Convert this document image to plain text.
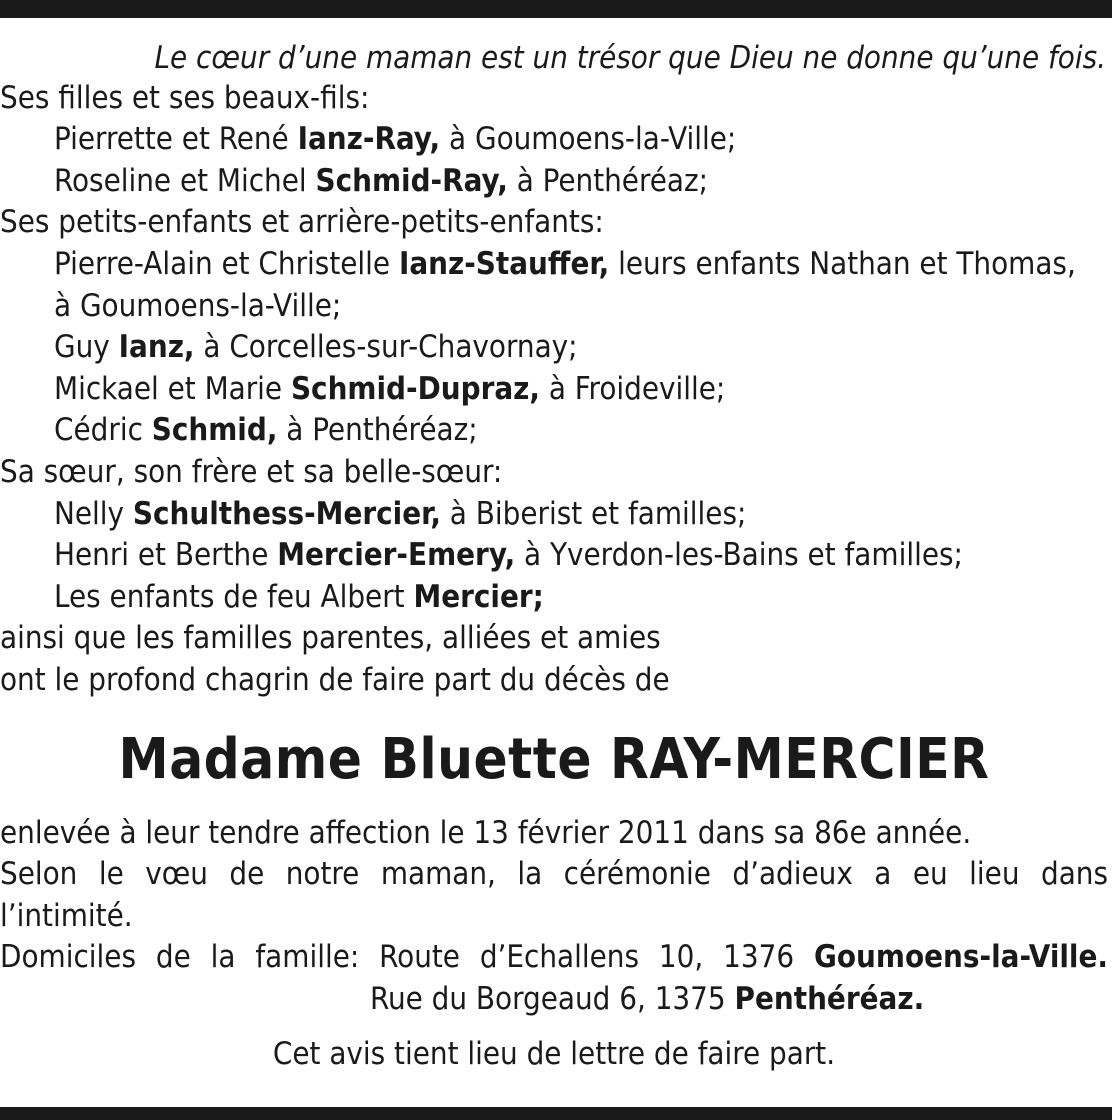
Le cœur d’une maman est un trésor que Dieu ne donne qu’une fois.
Ses filles et ses beaux-fils:
Pierrette et René Ianz-Ray, à Goumoens-la-Ville;
Roseline et Michel Schmid-Ray, à Penthéréaz;
Ses petits-enfants et arrière-petits-enfants:
Pierre-Alain et Christelle Ianz-Stauffer, leurs enfants Nathan et Thomas,
à Goumoens-la-Ville;
Guy Ianz, à Corcelles-sur-Chavornay;
Mickael et Marie Schmid-Dupraz, à Froideville;
Cédric Schmid, à Penthéréaz;
Sa sœur, son frère et sa belle-sœur:
Nelly Schulthess-Mercier, à Biberist et familles;
Henri et Berthe Mercier-Emery, à Yverdon-les-Bains et familles;
Les enfants de feu Albert Mercier;
ainsi que les familles parentes, alliées et amies
ont le profond chagrin de faire part du décès de
Madame Bluette RAY-MERCIER
enlevée à leur tendre affection le 13 février 2011 dans sa 86e année.
Selon le vœu de notre maman, la cérémonie d’adieux a eu lieu dans
l’intimité.
Domiciles de la famille: Route d’Echallens 10, 1376 Goumoens-la-Ville.
Rue du Borgeaud 6, 1375 Penthéréaz.
Cet avis tient lieu de lettre de faire part.
